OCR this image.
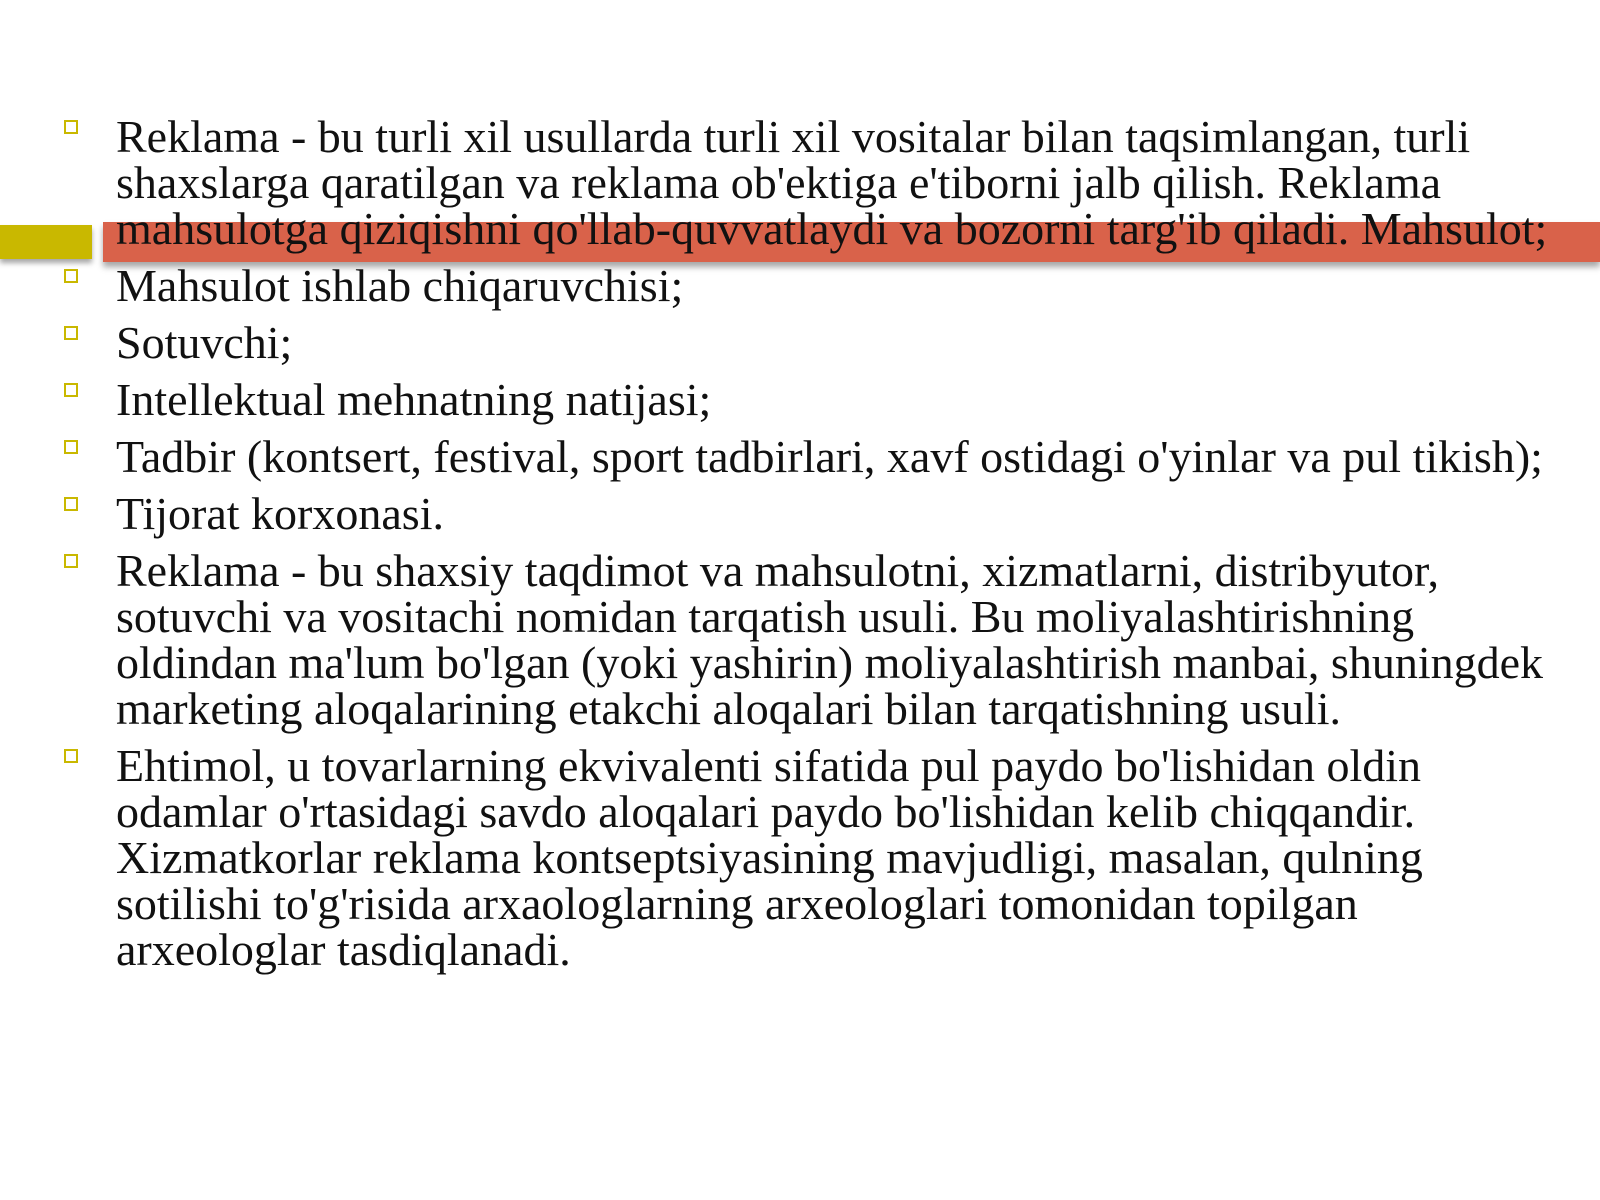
Reklama - bu turli xil usullarda turli xil vositalar bilan taqsimlangan, turli shaxslarga qaratilgan va reklama ob'ektiga e'tiborni jalb qilish. Reklama mahsulotga qiziqishni qo'llab-quvvatlaydi va bozorni targ'ib qiladi. Mahsulot;
Mahsulot ishlab chiqaruvchisi;
Sotuvchi;
Intellektual mehnatning natijasi;
Tadbir (kontsert, festival, sport tadbirlari, xavf ostidagi o'yinlar va pul tikish);
Tijorat korxonasi.
Reklama - bu shaxsiy taqdimot va mahsulotni, xizmatlarni, distribyutor, sotuvchi va vositachi nomidan tarqatish usuli. Bu moliyalashtirishning oldindan ma'lum bo'lgan (yoki yashirin) moliyalashtirish manbai, shuningdek marketing aloqalarining etakchi aloqalari bilan tarqatishning usuli.
Ehtimol, u tovarlarning ekvivalenti sifatida pul paydo bo'lishidan oldin odamlar o'rtasidagi savdo aloqalari paydo bo'lishidan kelib chiqqandir. Xizmatkorlar reklama kontseptsiyasining mavjudligi, masalan, qulning sotilishi to'g'risida arxaologlarning arxeologlari tomonidan topilgan arxeologlar tasdiqlanadi.
